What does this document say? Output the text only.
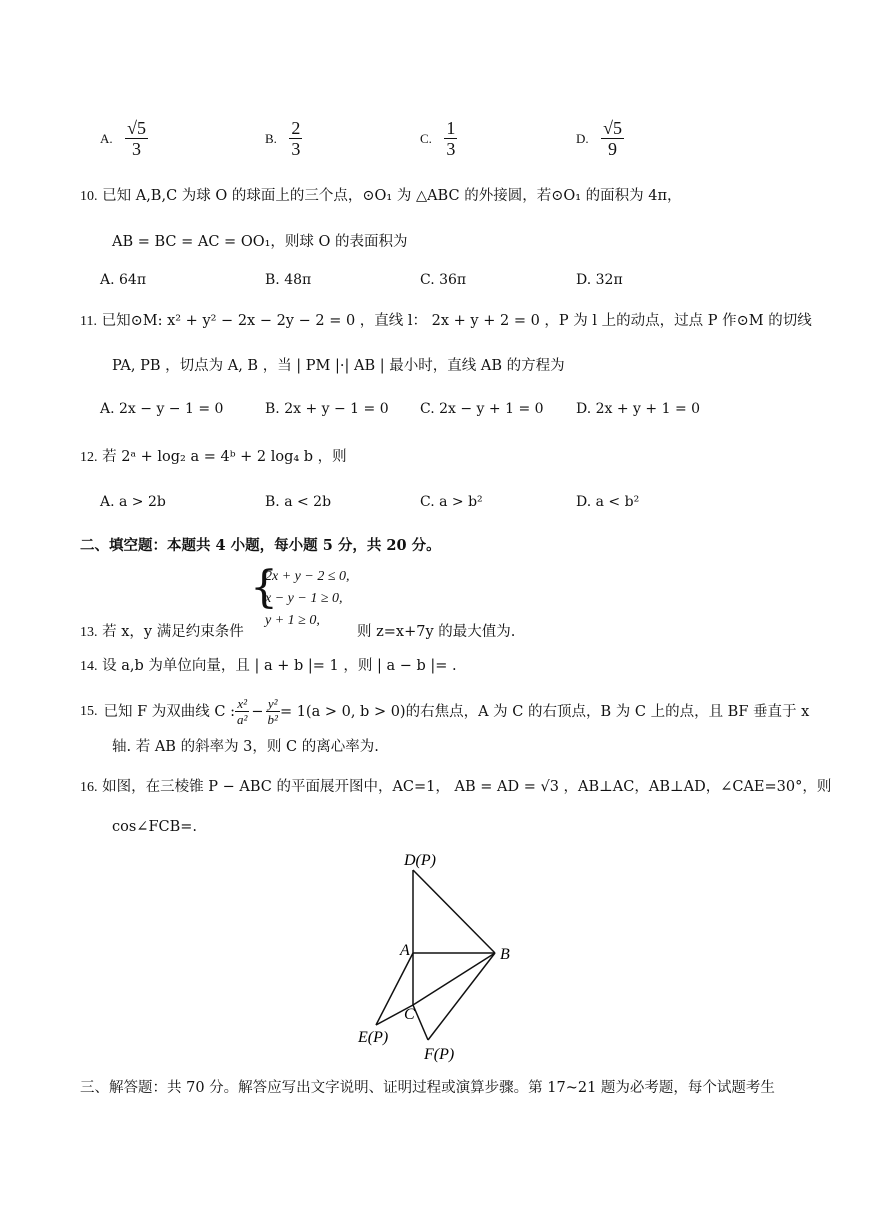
A. $\frac{√5}{3}$	B. $\frac{2}{3}$	C. $\frac{1}{3}$	D. $\frac{√5}{9}$
10. 已知 A,B,C 为球 O 的球面上的三个点，⊙O₁ 为 △ABC 的外接圆，若⊙O₁ 的面积为 4π，
AB = BC = AC = OO₁，则球 O 的表面积为
A. 64π	B. 48π	C. 36π	D. 32π
11. 已知⊙M: x² + y² − 2x − 2y − 2 = 0 ，直线 l： 2x + y + 2 = 0 ，P 为 l 上的动点，过点 P 作⊙M 的切线
PA, PB ，切点为 A, B ，当 | PM |·| AB | 最小时，直线 AB 的方程为
A. 2x − y − 1 = 0	B. 2x + y − 1 = 0 C. 2x − y + 1 = 0 D. 2x + y + 1 = 0
12. 若 2ᵃ + log₂ a = 4ᵇ + 2 log₄ b ，则
A. a > 2b	B. a < 2b	C. a > b²	D. a < b²
二、填空题：本题共 4 小题，每小题 5 分，共 20 分。
13. 若 x，y 满足约束条件
{
2x + y − 2 ≤ 0,
x − y − 1 ≥ 0,
y + 1 ≥ 0,
则 z=x+7y 的最大值为.
14. 设 a,b 为单位向量，且 | a + b |= 1 ，则 | a − b |= .
15. 已知 F 为双曲线 C : $\frac{\text{x²}}{\text{a²}} - \frac{\text{y²}}{\text{b²}} = 1(a > 0$, b > 0) 的右焦点，A 为 C 的右顶点，B 为 C 上的点，且 BF 垂直于 x
轴. 若 AB 的斜率为 3，则 C 的离心率为.
16. 如图，在三棱锥 P − ABC 的平面展开图中，AC=1， AB = AD = √3 ，AB⊥AC，AB⊥AD，∠CAE=30°，则
cos∠FCB=.
D(P)
A	B
C
E(P)
F(P)
三、解答题：共 70 分。解答应写出文字说明、证明过程或演算步骤。第 17~21 题为必考题，每个试题考生
